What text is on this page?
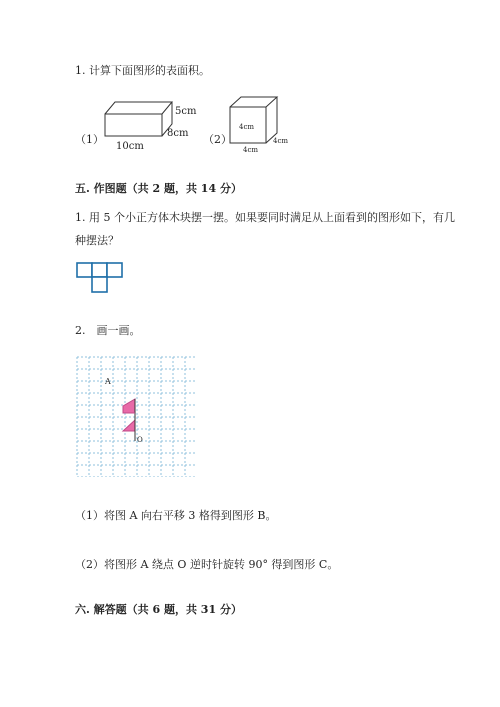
1. 计算下面图形的表面积。
（1）
5cm
8cm
10cm
（2）
4cm
4cm
4cm
五. 作图题（共 2 题，共 14 分）
1. 用 5 个小正方体木块摆一摆。如果要同时满足从上面看到的图形如下，有几
种摆法？
2.　画一画。
A
O
（1）将图 A 向右平移 3 格得到图形 B。
（2）将图形 A 绕点 O 逆时针旋转 90° 得到图形 C。
六. 解答题（共 6 题，共 31 分）
